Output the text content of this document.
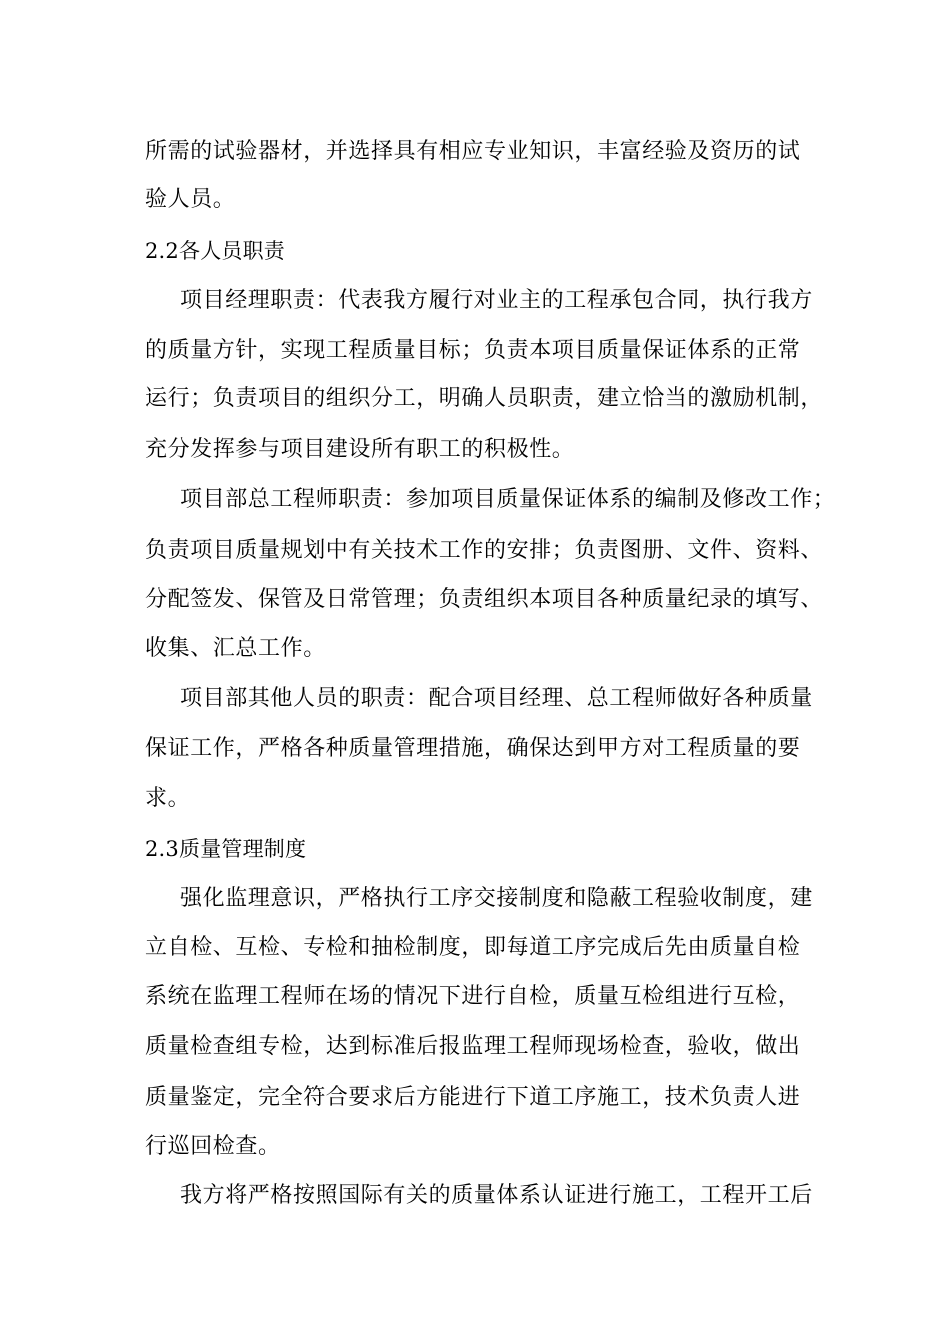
所需的试验器材，并选择具有相应专业知识，丰富经验及资历的试
验人员。
2.2各人员职责
项目经理职责：代表我方履行对业主的工程承包合同，执行我方
的质量方针，实现工程质量目标；负责本项目质量保证体系的正常
运行；负责项目的组织分工，明确人员职责，建立恰当的激励机制，
充分发挥参与项目建设所有职工的积极性。
项目部总工程师职责：参加项目质量保证体系的编制及修改工作；
负责项目质量规划中有关技术工作的安排；负责图册、文件、资料、
分配签发、保管及日常管理；负责组织本项目各种质量纪录的填写、
收集、汇总工作。
项目部其他人员的职责：配合项目经理、总工程师做好各种质量
保证工作，严格各种质量管理措施，确保达到甲方对工程质量的要
求。
2.3质量管理制度
强化监理意识，严格执行工序交接制度和隐蔽工程验收制度，建
立自检、互检、专检和抽检制度，即每道工序完成后先由质量自检
系统在监理工程师在场的情况下进行自检，质量互检组进行互检，
质量检查组专检，达到标准后报监理工程师现场检查，验收，做出
质量鉴定，完全符合要求后方能进行下道工序施工，技术负责人进
行巡回检查。
我方将严格按照国际有关的质量体系认证进行施工，工程开工后
